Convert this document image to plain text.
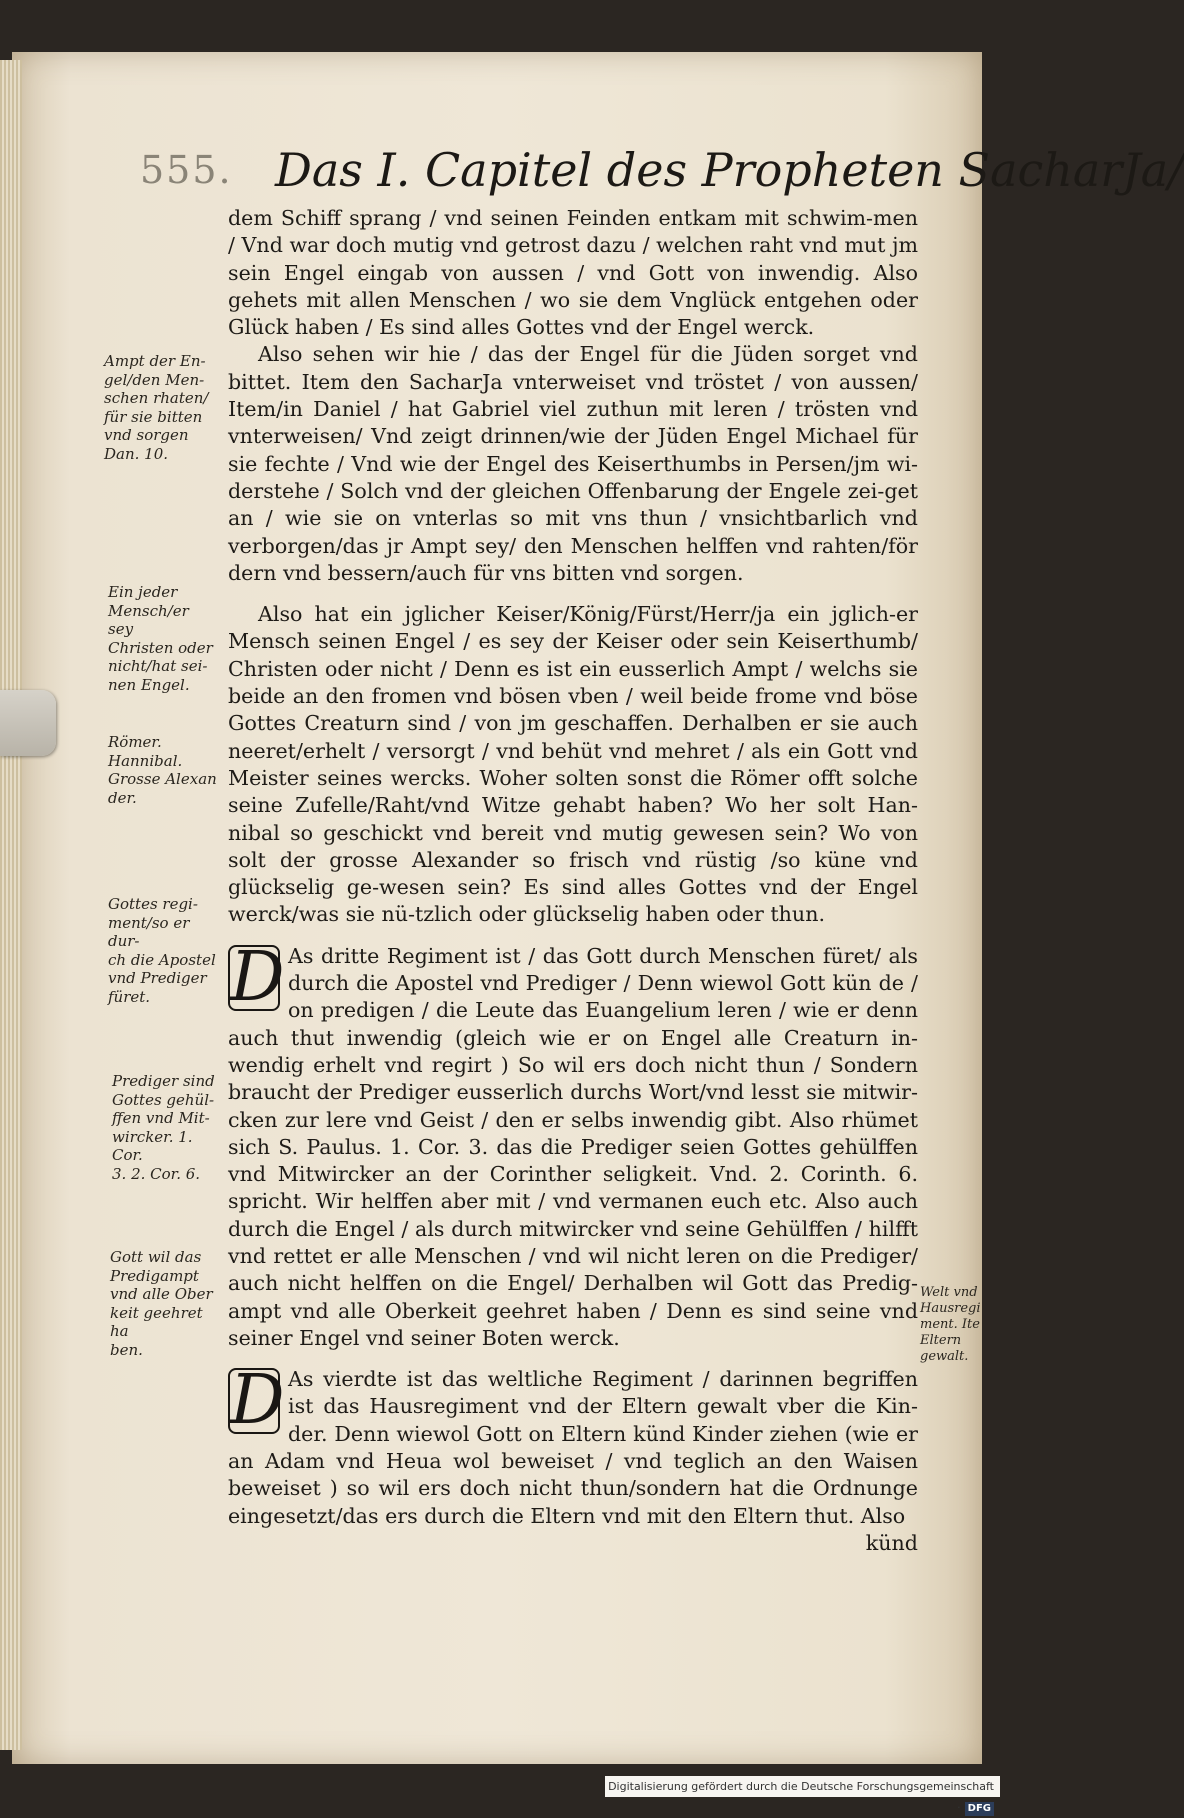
555. Das I. Capitel des Propheten SacharJa/

dem Schiff sprang / vnd seinen Feinden entkam mit schwim-men / Vnd war doch mutig vnd getrost dazu / welchen raht vnd mut jm sein Engel eingab von aussen / vnd Gott von inwendig. Also gehets mit allen Menschen / wo sie dem Vnglück entgehen oder Glück haben / Es sind alles Gottes vnd der Engel werck.

Also sehen wir hie / das der Engel für die Jüden sorget vnd bittet. Item den SacharJa vnterweiset vnd tröstet / von aussen/ Item/in Daniel / hat Gabriel viel zuthun mit leren / trösten vnd vnterweisen/ Vnd zeigt drinnen/wie der Jüden Engel Michael für sie fechte / Vnd wie der Engel des Keiserthumbs in Persen/jm wi-derstehe / Solch vnd der gleichen Offenbarung der Engele zei-get an / wie sie on vnterlas so mit vns thun / vnsichtbarlich vnd verborgen/das jr Ampt sey/ den Menschen helffen vnd rahten/för dern vnd bessern/auch für vns bitten vnd sorgen.

Also hat ein jglicher Keiser/König/Fürst/Herr/ja ein jglich-er Mensch seinen Engel / es sey der Keiser oder sein Keiserthumb/ Christen oder nicht / Denn es ist ein eusserlich Ampt / welchs sie beide an den fromen vnd bösen vben / weil beide frome vnd böse Gottes Creaturn sind / von jm geschaffen. Derhalben er sie auch neeret/erhelt / versorgt / vnd behüt vnd mehret / als ein Gott vnd Meister seines wercks. Woher solten sonst die Römer offt solche seine Zufelle/Raht/vnd Witze gehabt haben? Wo her solt Han-nibal so geschickt vnd bereit vnd mutig gewesen sein? Wo von solt der grosse Alexander so frisch vnd rüstig /so küne vnd glückselig ge-wesen sein? Es sind alles Gottes vnd der Engel werck/was sie nü-tzlich oder glückselig haben oder thun.

D As dritte Regiment ist / das Gott durch Menschen füret/ als durch die Apostel vnd Prediger / Denn wiewol Gott kün de / on predigen / die Leute das Euangelium leren / wie er denn auch thut inwendig (gleich wie er on Engel alle Creaturn in-wendig erhelt vnd regirt ) So wil ers doch nicht thun / Sondern braucht der Prediger eusserlich durchs Wort/vnd lesst sie mitwir-cken zur lere vnd Geist / den er selbs inwendig gibt. Also rhümet sich S. Paulus. 1. Cor. 3. das die Prediger seien Gottes gehülffen vnd Mitwircker an der Corinther seligkeit. Vnd. 2. Corinth. 6. spricht. Wir helffen aber mit / vnd vermanen euch etc. Also auch durch die Engel / als durch mitwircker vnd seine Gehülffen / hilfft vnd rettet er alle Menschen / vnd wil nicht leren on die Prediger/ auch nicht helffen on die Engel/ Derhalben wil Gott das Predig-ampt vnd alle Oberkeit geehret haben / Denn es sind seine vnd seiner Engel vnd seiner Boten werck.

D As vierdte ist das weltliche Regiment / darinnen begriffen ist das Hausregiment vnd der Eltern gewalt vber die Kin-der. Denn wiewol Gott on Eltern künd Kinder ziehen (wie er an Adam vnd Heua wol beweiset / vnd teglich an den Waisen beweiset ) so wil ers doch nicht thun/sondern hat die Ordnunge eingesetzt/das ers durch die Eltern vnd mit den Eltern thut. Also

künd

Ampt der En-

gel/den Men-

schen rhaten/

für sie bitten

vnd sorgen

Dan. 10.

Ein jeder

Mensch/er sey

Christen oder

nicht/hat sei-

nen Engel.

Römer.

Hannibal.

Grosse Alexan

der.

Gottes regi-

ment/so er dur-

ch die Apostel

vnd Prediger

füret.

Prediger sind

Gottes gehül-

ffen vnd Mit-

wircker. 1. Cor.

3. 2. Cor. 6.

Gott wil das

Predigampt

vnd alle Ober

keit geehret ha

ben.

Welt vnd

Hausregi

ment. Ite

Eltern

gewalt.

Digitalisierung gefördert durch die Deutsche Forschungsgemeinschaft · DFG
